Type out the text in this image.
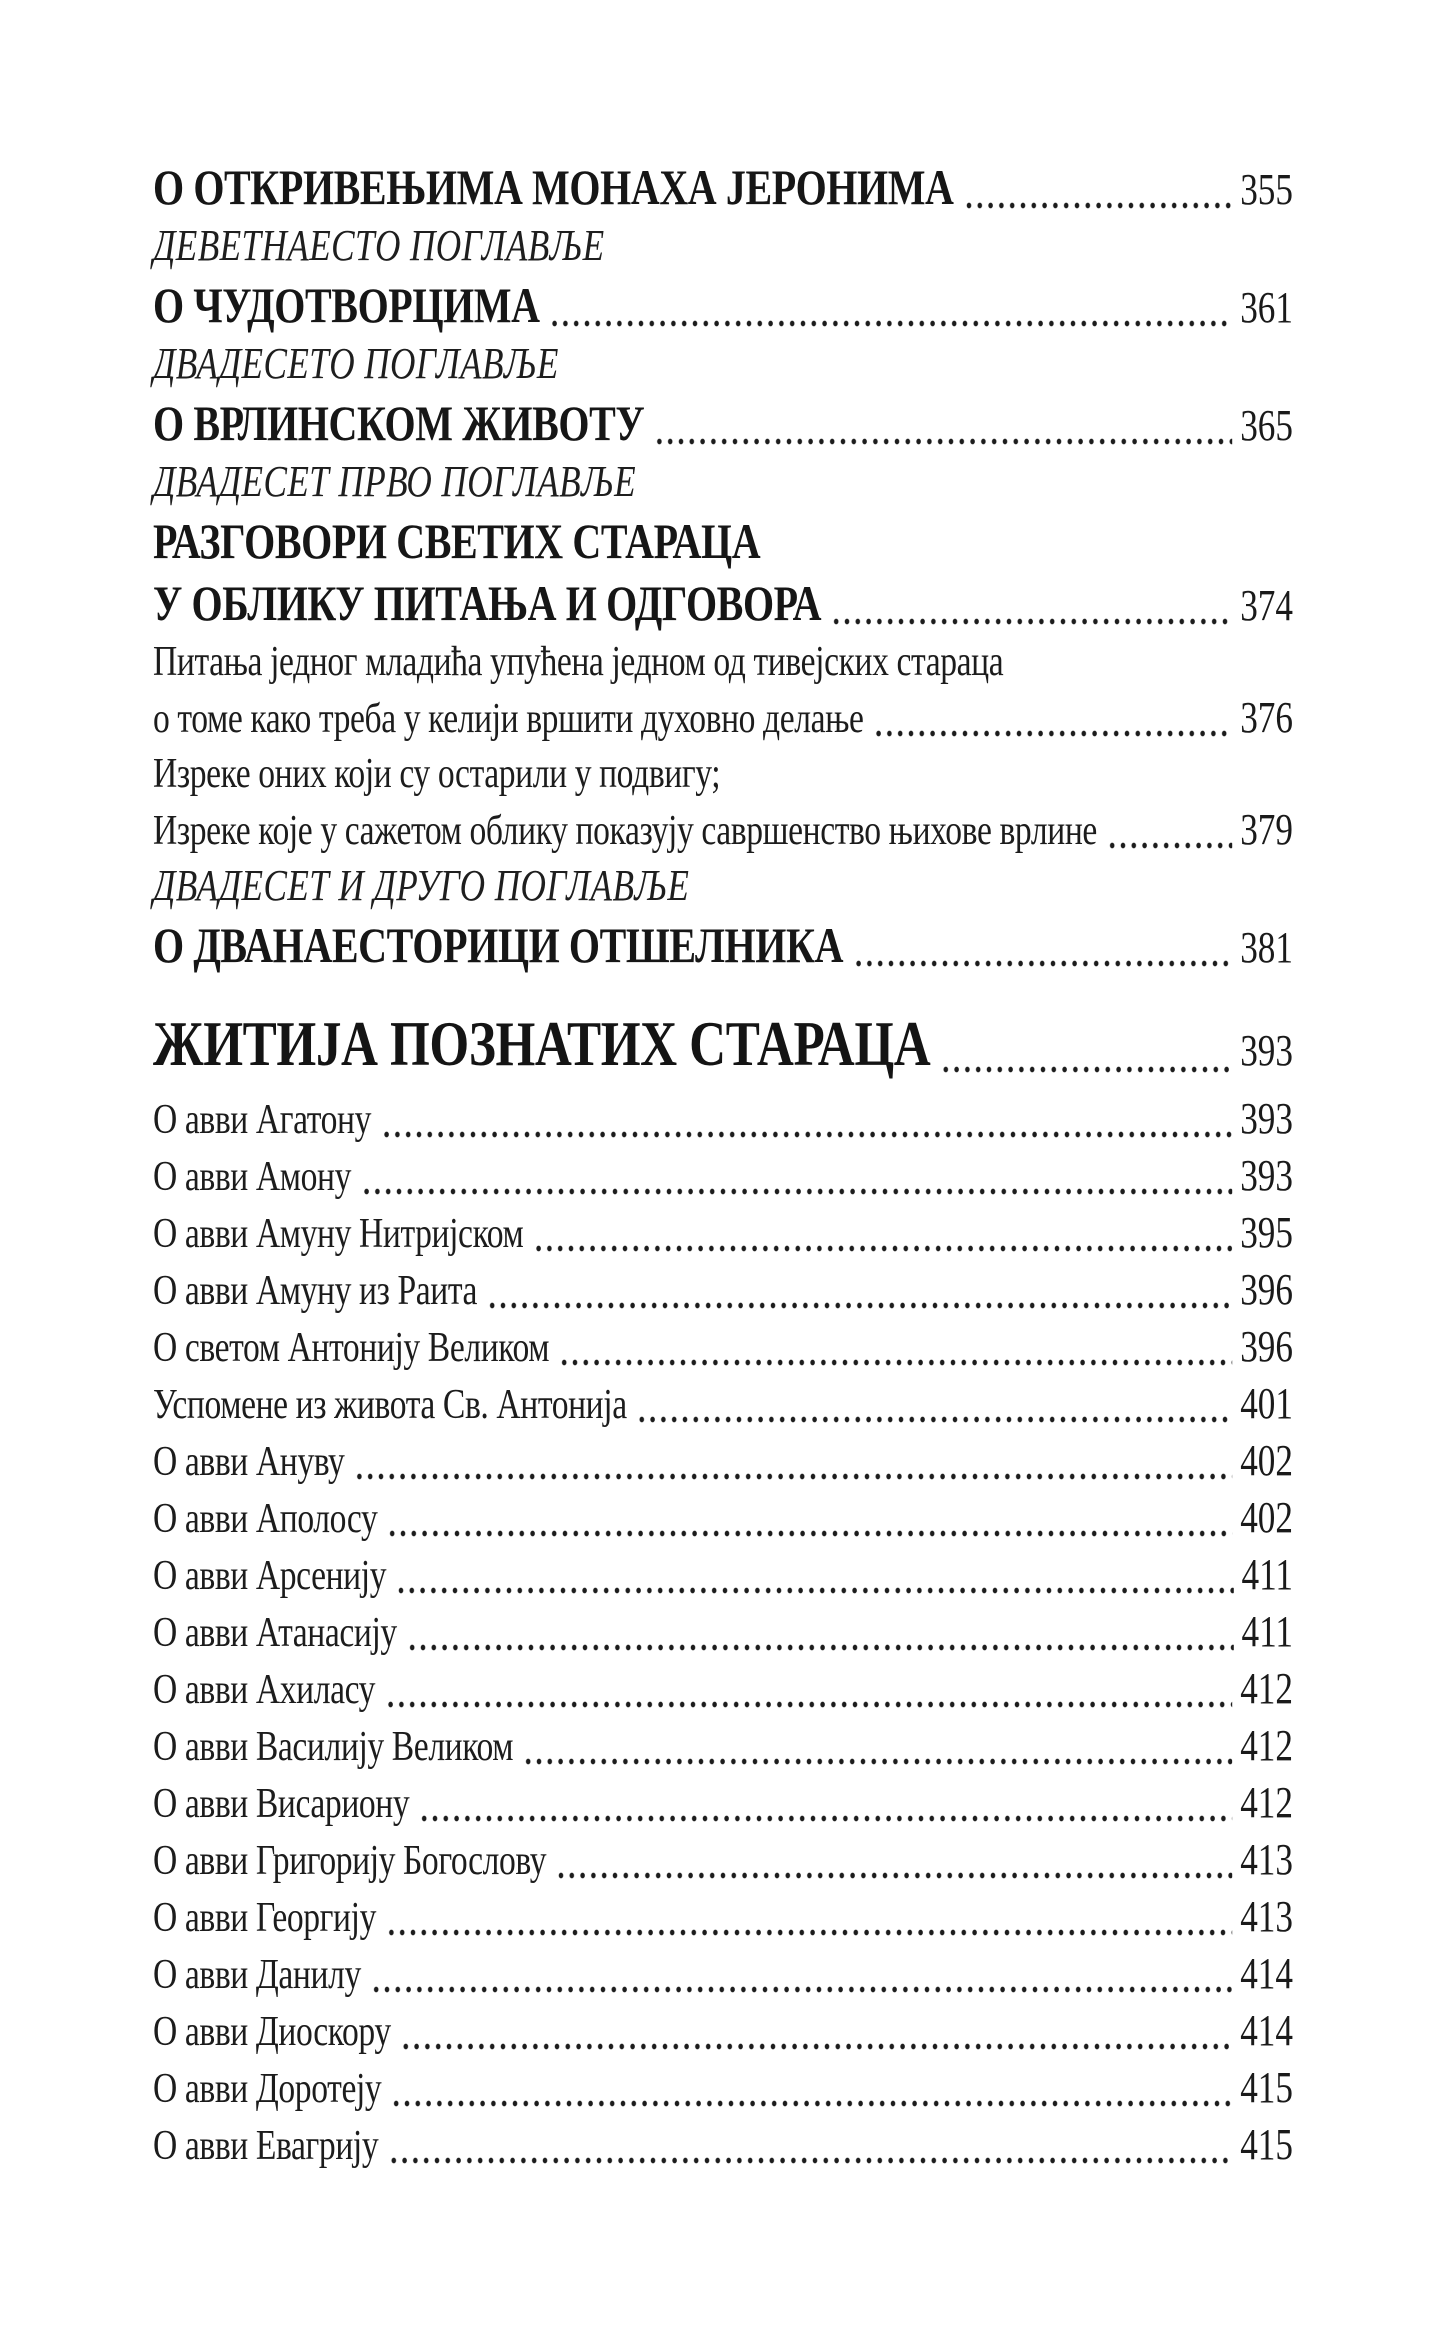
О ОТКРИВЕЊИМА МОНАХА ЈЕРОНИМА	355
ДЕВЕТНАЕСТО ПОГЛАВЉЕ
О ЧУДОТВОРЦИМА	361
ДВАДЕСЕТО ПОГЛАВЉЕ
О ВРЛИНСКОМ ЖИВОТУ	365
ДВАДЕСЕТ ПРВО ПОГЛАВЉЕ
РАЗГОВОРИ СВЕТИХ СТАРАЦА
У ОБЛИКУ ПИТАЊА И ОДГОВОРА	374
Питања једног младића упућена једном од тивејских стараца
о томе како треба у келији вршити духовно делање	376
Изреке оних који су остарили у подвигу;
Изреке које у сажетом облику показују савршенство њихове врлине	379
ДВАДЕСЕТ И ДРУГО ПОГЛАВЉЕ
О ДВАНАЕСТОРИЦИ ОТШЕЛНИКА	381
ЖИТИЈА ПОЗНАТИХ СТАРАЦА	393
О авви Агатону	393
О авви Амону	393
О авви Амуну Нитријском	395
О авви Амуну из Раита	396
О светом Антонију Великом	396
Успомене из живота Св. Антонија	401
О авви Ануву	402
О авви Аполосу	402
О авви Арсенију	411
О авви Атанасију	411
О авви Ахиласу	412
О авви Василију Великом	412
О авви Висариону	412
О авви Григорију Богослову	413
О авви Георгију	413
О авви Данилу	414
О авви Диоскору	414
О авви Доротеју	415
О авви Евагрију	415
